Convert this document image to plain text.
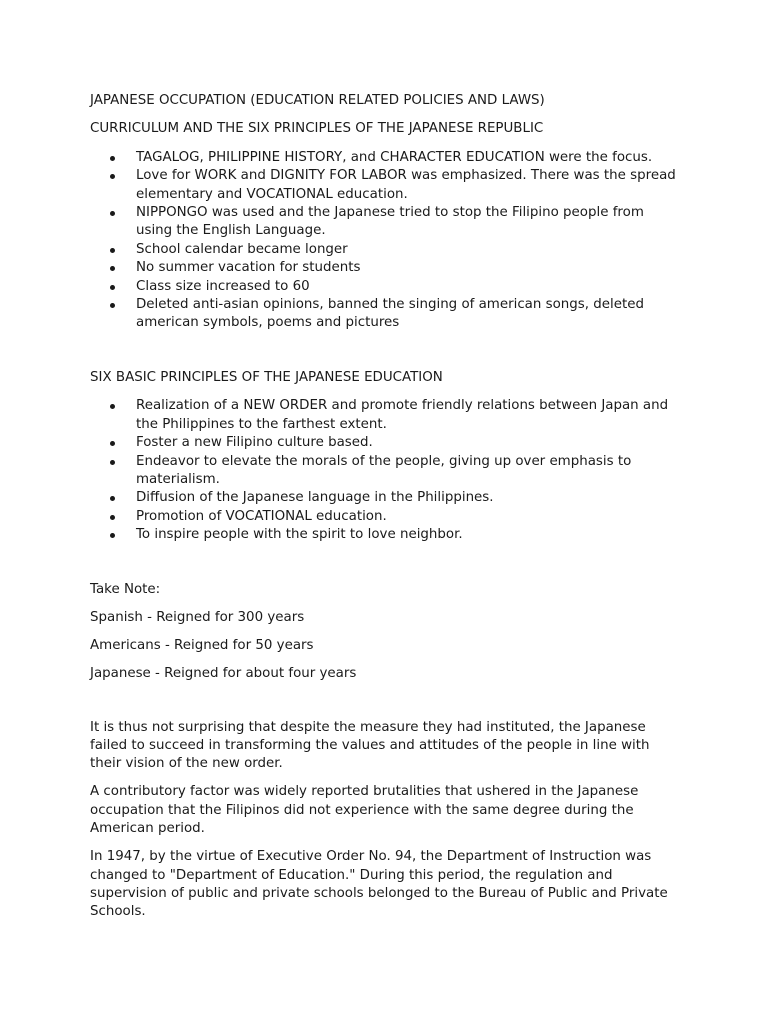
JAPANESE OCCUPATION (EDUCATION RELATED POLICIES AND LAWS)

CURRICULUM AND THE SIX PRINCIPLES OF THE JAPANESE REPUBLIC

TAGALOG, PHILIPPINE HISTORY, and CHARACTER EDUCATION were the focus.
Love for WORK and DIGNITY FOR LABOR was emphasized. There was the spread elementary and VOCATIONAL education.
NIPPONGO was used and the Japanese tried to stop the Filipino people from using the English Language.
School calendar became longer
No summer vacation for students
Class size increased to 60
Deleted anti-asian opinions, banned the singing of american songs, deleted american symbols, poems and pictures

SIX BASIC PRINCIPLES OF THE JAPANESE EDUCATION

Realization of a NEW ORDER and promote friendly relations between Japan and the Philippines to the farthest extent.
Foster a new Filipino culture based.
Endeavor to elevate the morals of the people, giving up over emphasis to materialism.
Diffusion of the Japanese language in the Philippines.
Promotion of VOCATIONAL education.
To inspire people with the spirit to love neighbor.

Take Note:

Spanish - Reigned for 300 years

Americans - Reigned for 50 years

Japanese - Reigned for about four years

It is thus not surprising that despite the measure they had instituted, the Japanese failed to succeed in transforming the values and attitudes of the people in line with their vision of the new order.

A contributory factor was widely reported brutalities that ushered in the Japanese occupation that the Filipinos did not experience with the same degree during the American period.

In 1947, by the virtue of Executive Order No. 94, the Department of Instruction was changed to "Department of Education." During this period, the regulation and supervision of public and private schools belonged to the Bureau of Public and Private Schools.
